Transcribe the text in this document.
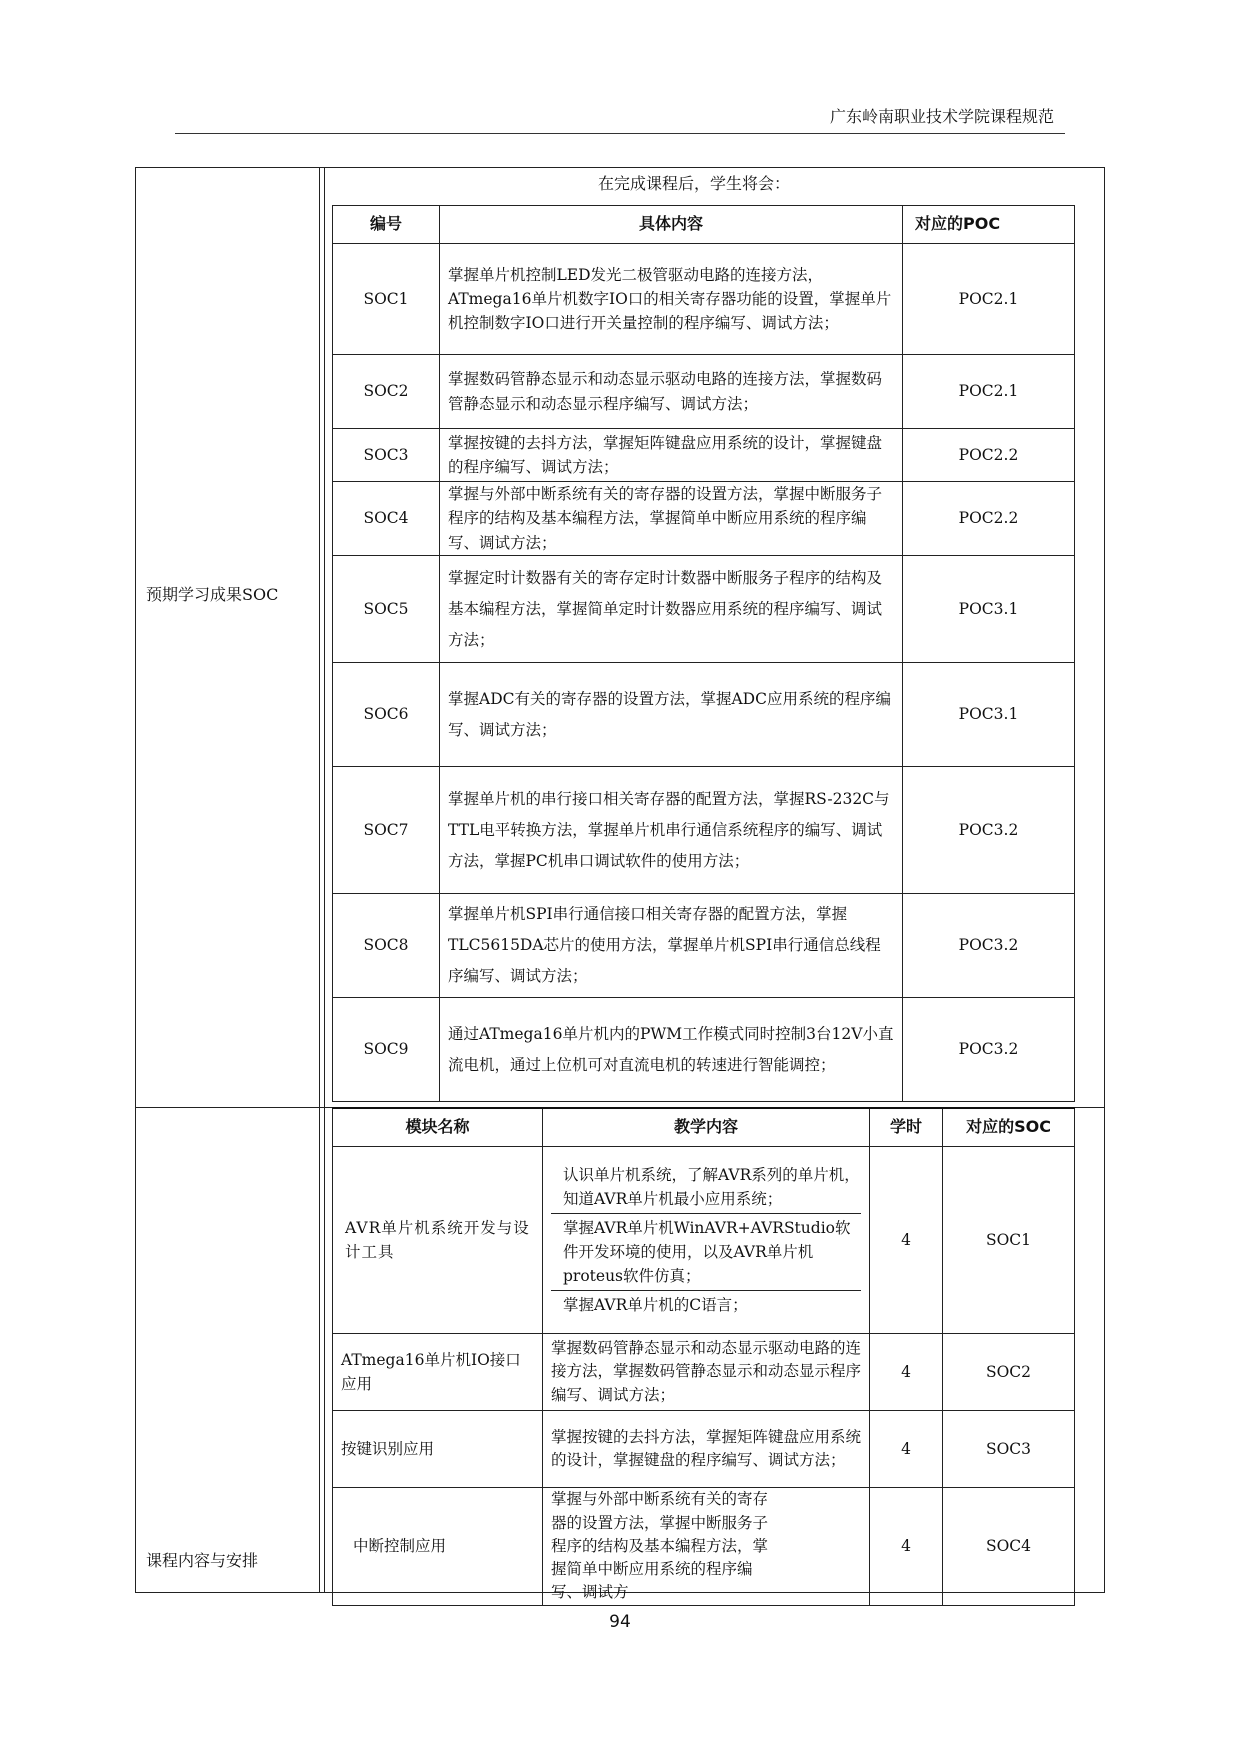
广东岭南职业技术学院课程规范
预期学习成果SOC
课程内容与安排
在完成课程后，学生将会：
编号	具体内容	对应的POC
SOC1	掌握单片机控制LED发光二极管驱动电路的连接方法，ATmega16单片机数字IO口的相关寄存器功能的设置，掌握单片机控制数字IO口进行开关量控制的程序编写、调试方法；	POC2.1
SOC2	掌握数码管静态显示和动态显示驱动电路的连接方法，掌握数码管静态显示和动态显示程序编写、调试方法；	POC2.1
SOC3	掌握按键的去抖方法，掌握矩阵键盘应用系统的设计，掌握键盘的程序编写、调试方法；	POC2.2
SOC4	掌握与外部中断系统有关的寄存器的设置方法，掌握中断服务子程序的结构及基本编程方法，掌握简单中断应用系统的程序编写、调试方法；	POC2.2
SOC5	掌握定时计数器有关的寄存定时计数器中断服务子程序的结构及基本编程方法，掌握简单定时计数器应用系统的程序编写、调试方法；	POC3.1
SOC6	掌握ADC有关的寄存器的设置方法，掌握ADC应用系统的程序编写、调试方法；	POC3.1
SOC7	掌握单片机的串行接口相关寄存器的配置方法，掌握RS-232C与TTL电平转换方法，掌握单片机串行通信系统程序的编写、调试方法，掌握PC机串口调试软件的使用方法；	POC3.2
SOC8	掌握单片机SPI串行通信接口相关寄存器的配置方法，掌握TLC5615DA芯片的使用方法，掌握单片机SPI串行通信总线程序编写、调试方法；	POC3.2
SOC9	通过ATmega16单片机内的PWM工作模式同时控制3台12V小直流电机，通过上位机可对直流电机的转速进行智能调控；	POC3.2
模块名称	教学内容	学时	对应的SOC
AVR单片机系统开发与设计工具	认识单片机系统，了解AVR系列的单片机，知道AVR单片机最小应用系统；
掌握AVR单片机WinAVR+AVRStudio软件开发环境的使用，以及AVR单片机proteus软件仿真；
掌握AVR单片机的C语言；	4	SOC1
ATmega16单片机IO接口应用	掌握数码管静态显示和动态显示驱动电路的连接方法，掌握数码管静态显示和动态显示程序编写、调试方法；	4	SOC2
按键识别应用	掌握按键的去抖方法，掌握矩阵键盘应用系统的设计，掌握键盘的程序编写、调试方法；	4	SOC3
中断控制应用	掌握与外部中断系统有关的寄存器的设置方法，掌握中断服务子程序的结构及基本编程方法，掌握简单中断应用系统的程序编写、调试方	4	SOC4
94
